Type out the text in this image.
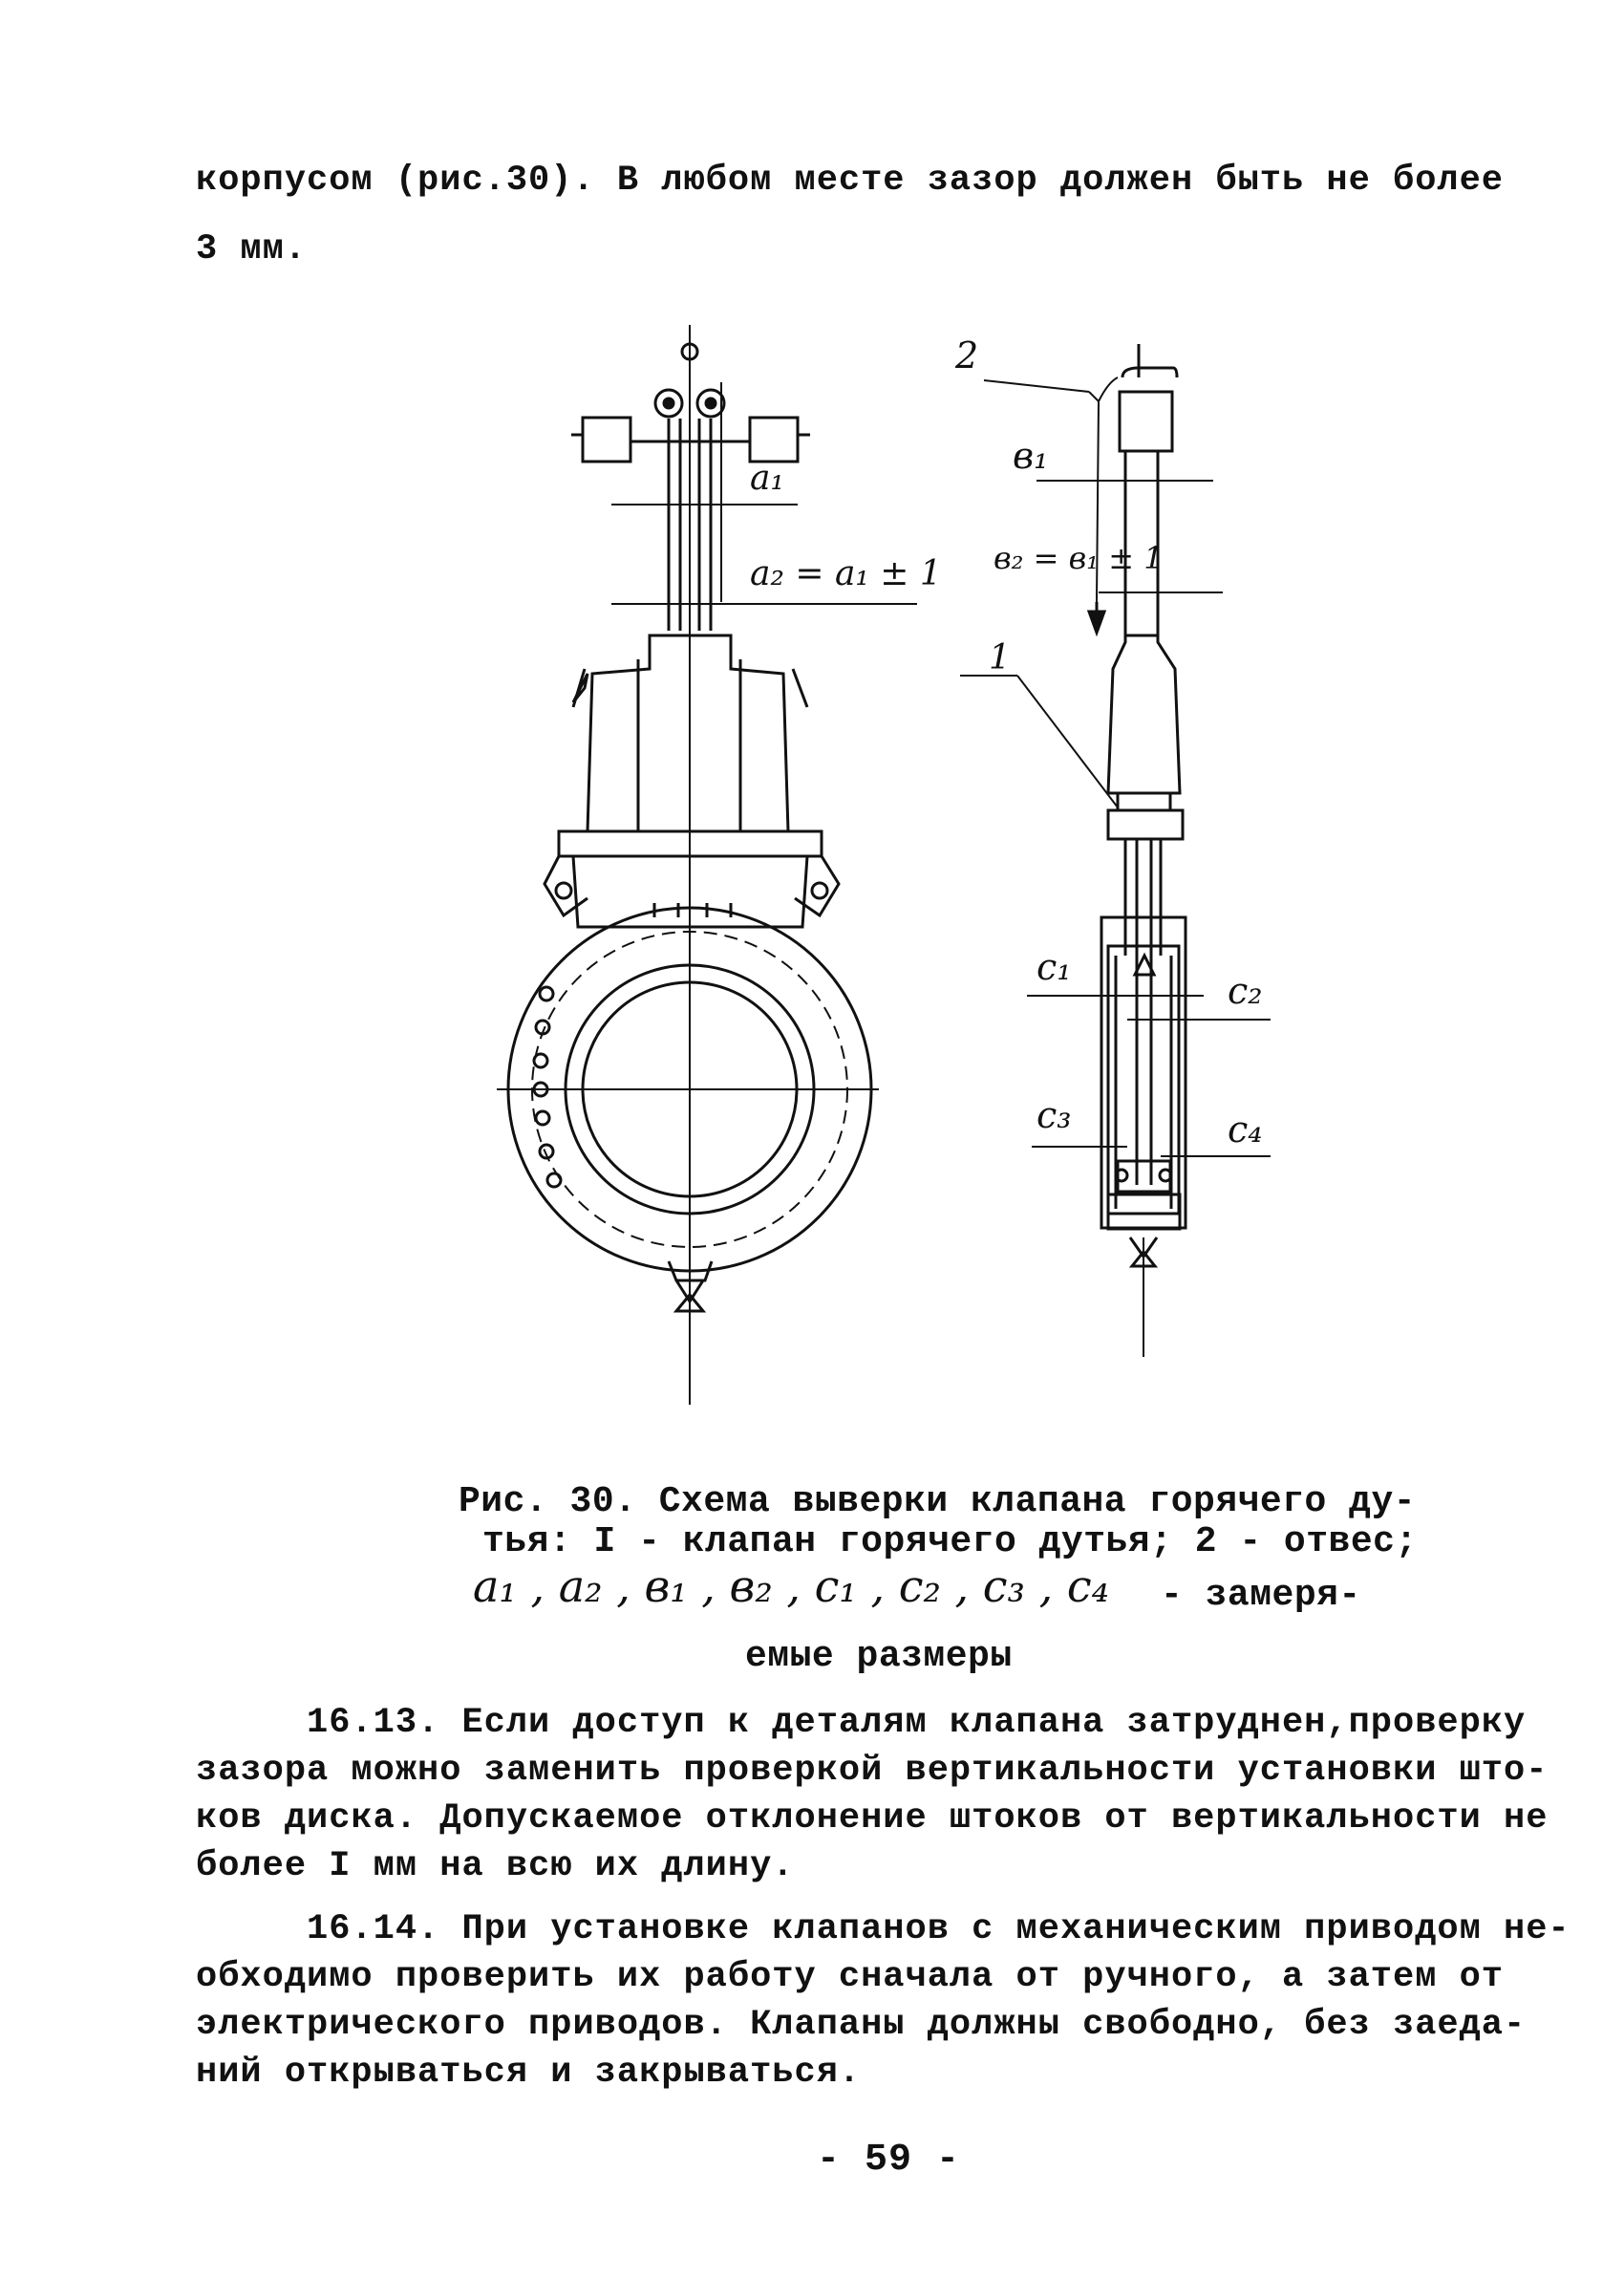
корпусом (рис.30). В любом месте зазор должен быть не более
3 мм.
a₁
a₂ = a₁ ± 1
2
в₁
в₂ = в₁ ± 1
1
c₁
c₂
c₃	c₄
Рис. 30. Схема выверки клапана горячего ду-
тья: I - клапан горячего дутья; 2 - отвес;
a₁ , a₂ , в₁ , в₂ , c₁ , c₂ , c₃ , c₄ - замеря-
емые размеры
16.13. Если доступ к деталям клапана затруднен,проверку
зазора можно заменить проверкой вертикальности установки што-
ков диска. Допускаемое отклонение штоков от вертикальности не
более I мм на всю их длину.
16.14. При установке клапанов с механическим приводом не-
обходимо проверить их работу сначала от ручного, а затем от
электрического приводов. Клапаны должны свободно, без заеда-
ний открываться и закрываться.
- 59 -
